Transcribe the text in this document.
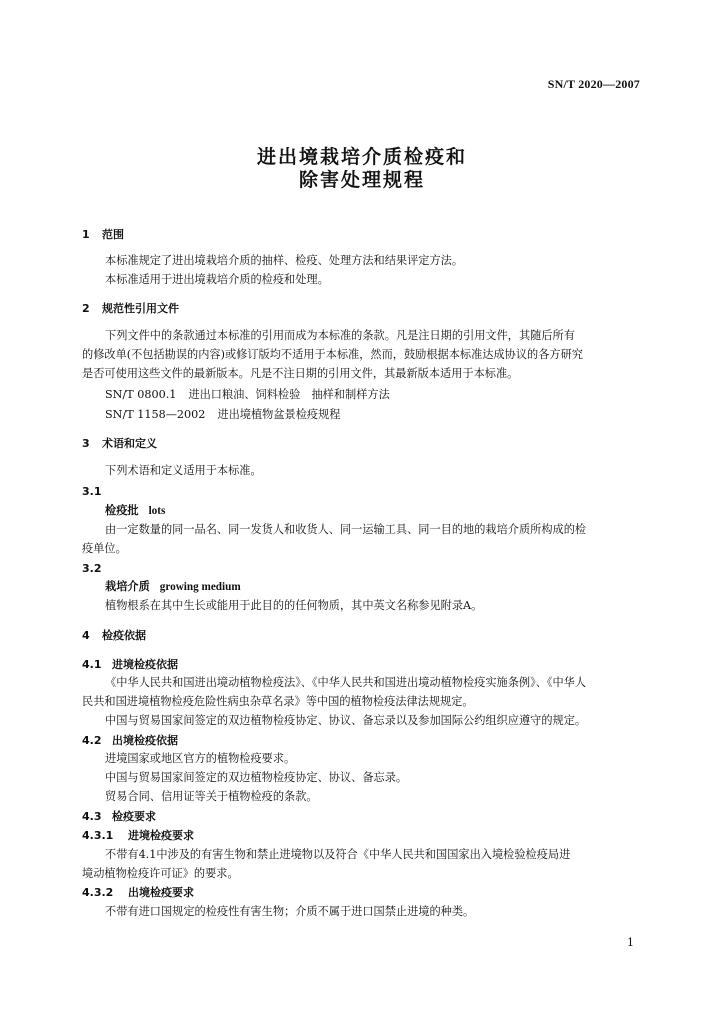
SN/T 2020—2007
进出境栽培介质检疫和
除害处理规程
1 范围
本标准规定了进出境栽培介质的抽样、检疫、处理方法和结果评定方法。
本标准适用于进出境栽培介质的检疫和处理。
2 规范性引用文件
下列文件中的条款通过本标准的引用而成为本标准的条款。凡是注日期的引用文件，其随后所有
的修改单(不包括勘误的内容)或修订版均不适用于本标准，然而，鼓励根据本标准达成协议的各方研究
是否可使用这些文件的最新版本。凡是不注日期的引用文件，其最新版本适用于本标准。
SN/T 0800.1 进出口粮油、饲料检验　抽样和制样方法
SN/T 1158—2002 进出境植物盆景检疫规程
3 术语和定义
下列术语和定义适用于本标准。
3.1
检疫批 lots
由一定数量的同一品名、同一发货人和收货人、同一运输工具、同一目的地的栽培介质所构成的检
疫单位。
3.2
栽培介质 growing medium
植物根系在其中生长或能用于此目的的任何物质，其中英文名称参见附录A。
4 检疫依据
4.1 进境检疫依据
《中华人民共和国进出境动植物检疫法》、《中华人民共和国进出境动植物检疫实施条例》、《中华人
民共和国进境植物检疫危险性病虫杂草名录》等中国的植物检疫法律法规规定。
中国与贸易国家间签定的双边植物检疫协定、协议、备忘录以及参加国际公约组织应遵守的规定。
4.2 出境检疫依据
进境国家或地区官方的植物检疫要求。
中国与贸易国家间签定的双边植物检疫协定、协议、备忘录。
贸易合同、信用证等关于植物检疫的条款。
4.3 检疫要求
4.3.1 进境检疫要求
不带有4.1中涉及的有害生物和禁止进境物以及符合《中华人民共和国国家出入境检验检疫局进
境动植物检疫许可证》的要求。
4.3.2 出境检疫要求
不带有进口国规定的检疫性有害生物；介质不属于进口国禁止进境的种类。
1
